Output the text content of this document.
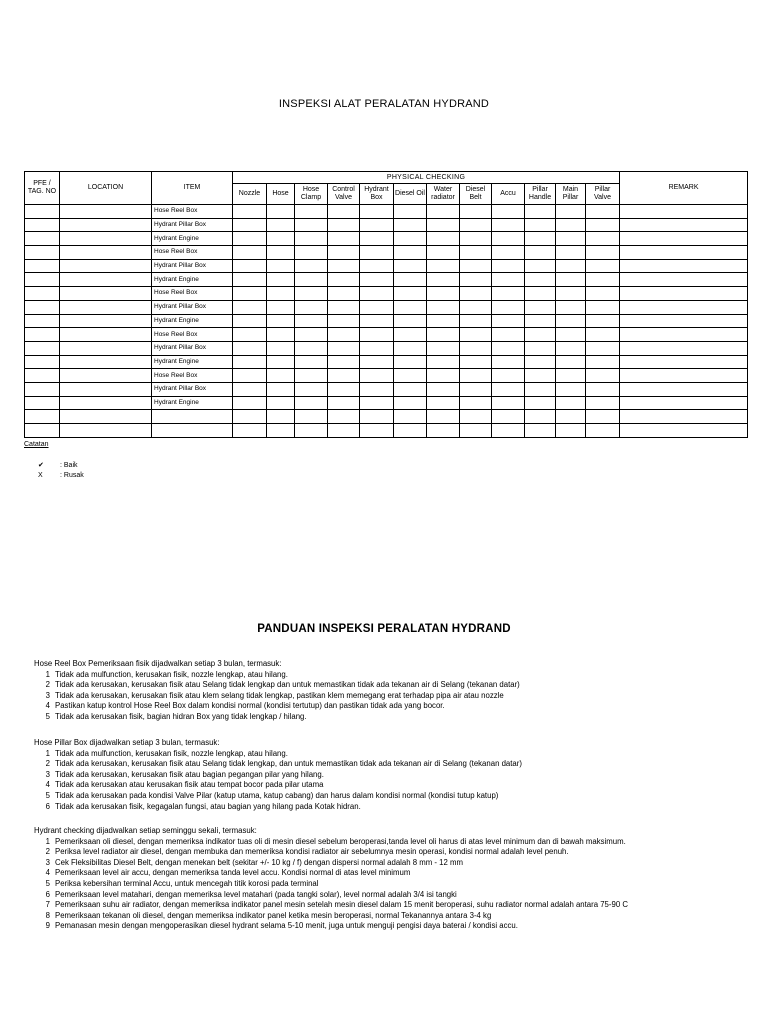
INSPEKSI ALAT PERALATAN HYDRAND
PFE / TAG. NO	LOCATION	ITEM	PHYSICAL CHECKING												REMARK
			Nozzle	Hose	Hose Clamp	Control Valve	Hydrant Box	Diesel Oil	Water radiator	Diesel Belt	Accu	Pillar Handle	Main Pillar	Pillar Valve	
		Hose Reel Box													
		Hydrant Pillar Box													
		Hydrant Engine													
		Hose Reel Box													
		Hydrant Pillar Box													
		Hydrant Engine													
		Hose Reel Box													
		Hydrant Pillar Box													
		Hydrant Engine													
		Hose Reel Box													
		Hydrant Pillar Box													
		Hydrant Engine													
		Hose Reel Box													
		Hydrant Pillar Box													
		Hydrant Engine													

Catatan
✔ : Baik
X : Rusak
PANDUAN INSPEKSI PERALATAN HYDRAND

Hose Reel Box Pemeriksaan fisik dijadwalkan setiap 3 bulan, termasuk:

1 Tidak ada mulfunction, kerusakan fisik, nozzle lengkap, atau hilang.
2 Tidak ada kerusakan, kerusakan fisik atau Selang tidak lengkap dan untuk memastikan tidak ada tekanan air di Selang (tekanan datar)
3 Tidak ada kerusakan, kerusakan fisik atau klem selang tidak lengkap, pastikan klem memegang erat terhadap pipa air atau nozzle
4 Pastikan katup kontrol Hose Reel Box dalam kondisi normal (kondisi tertutup) dan pastikan tidak ada yang bocor.
5 Tidak ada kerusakan fisik, bagian hidran Box yang tidak lengkap / hilang.

Hose Pillar Box dijadwalkan setiap 3 bulan, termasuk:

1 Tidak ada mulfunction, kerusakan fisik, nozzle lengkap, atau hilang.
2 Tidak ada kerusakan, kerusakan fisik atau Selang tidak lengkap, dan untuk memastikan tidak ada tekanan air di Selang (tekanan datar)
3 Tidak ada kerusakan, kerusakan fisik atau bagian pegangan pilar yang hilang.
4 Tidak ada kerusakan atau kerusakan fisik atau tempat bocor pada pilar utama
5 Tidak ada kerusakan pada kondisi Valve Pilar (katup utama, katup cabang) dan harus dalam kondisi normal (kondisi tutup katup)
6 Tidak ada kerusakan fisik, kegagalan fungsi, atau bagian yang hilang pada Kotak hidran.

Hydrant checking dijadwalkan setiap seminggu sekali, termasuk:

1 Pemeriksaan oli diesel, dengan memeriksa indikator tuas oli di mesin diesel sebelum beroperasi,tanda level oli harus di atas level minimum dan di bawah maksimum.
2 Periksa level radiator air diesel, dengan membuka dan memeriksa kondisi radiator air sebelumnya mesin operasi, kondisi normal adalah level penuh.
3 Cek Fleksibilitas Diesel Belt, dengan menekan belt (sekitar +/- 10 kg / f) dengan dispersi normal adalah 8 mm - 12 mm
4 Pemeriksaan level air accu, dengan memeriksa tanda level accu. Kondisi normal di atas level minimum
5 Periksa kebersihan terminal Accu, untuk mencegah titik korosi pada terminal
6 Pemeriksaan level matahari, dengan memeriksa level matahari (pada tangki solar), level normal adalah 3/4 isi tangki
7 Pemeriksaan suhu air radiator, dengan memeriksa indikator panel mesin setelah mesin diesel dalam 15 menit beroperasi, suhu radiator normal adalah antara 75-90 C
8 Pemeriksaan tekanan oli diesel, dengan memeriksa indikator panel ketika mesin beroperasi, normal Tekanannya antara 3-4 kg
9 Pemanasan mesin dengan mengoperasikan diesel hydrant selama 5-10 menit, juga untuk menguji pengisi daya baterai / kondisi accu.
